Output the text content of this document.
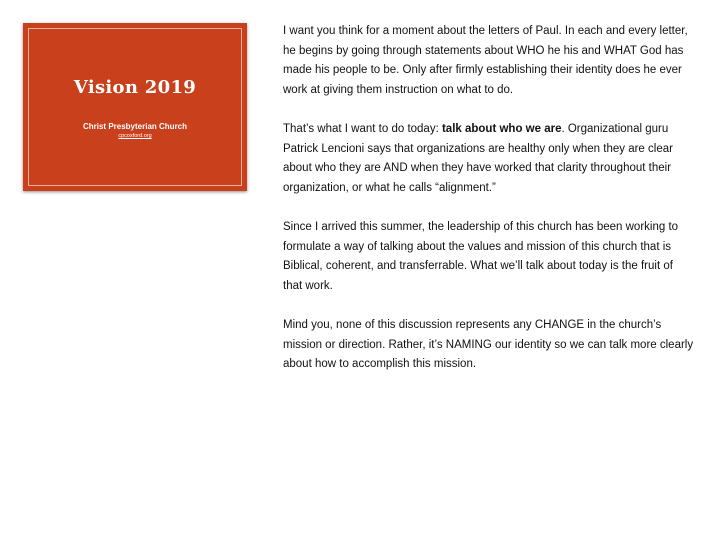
Vision 2019
Christ Presbyterian Church
cpcoxford.org

I want you think for a moment about the letters of Paul. In each and every letter, he begins by going through statements about WHO he his and WHAT God has made his people to be. Only after firmly establishing their identity does he ever work at giving them instruction on what to do.

That’s what I want to do today: talk about who we are. Organizational guru Patrick Lencioni says that organizations are healthy only when they are clear about who they are AND when they have worked that clarity throughout their organization, or what he calls “alignment.”

Since I arrived this summer, the leadership of this church has been working to formulate a way of talking about the values and mission of this church that is Biblical, coherent, and transferrable. What we’ll talk about today is the fruit of that work.

Mind you, none of this discussion represents any CHANGE in the church’s mission or direction. Rather, it’s NAMING our identity so we can talk more clearly about how to accomplish this mission.
